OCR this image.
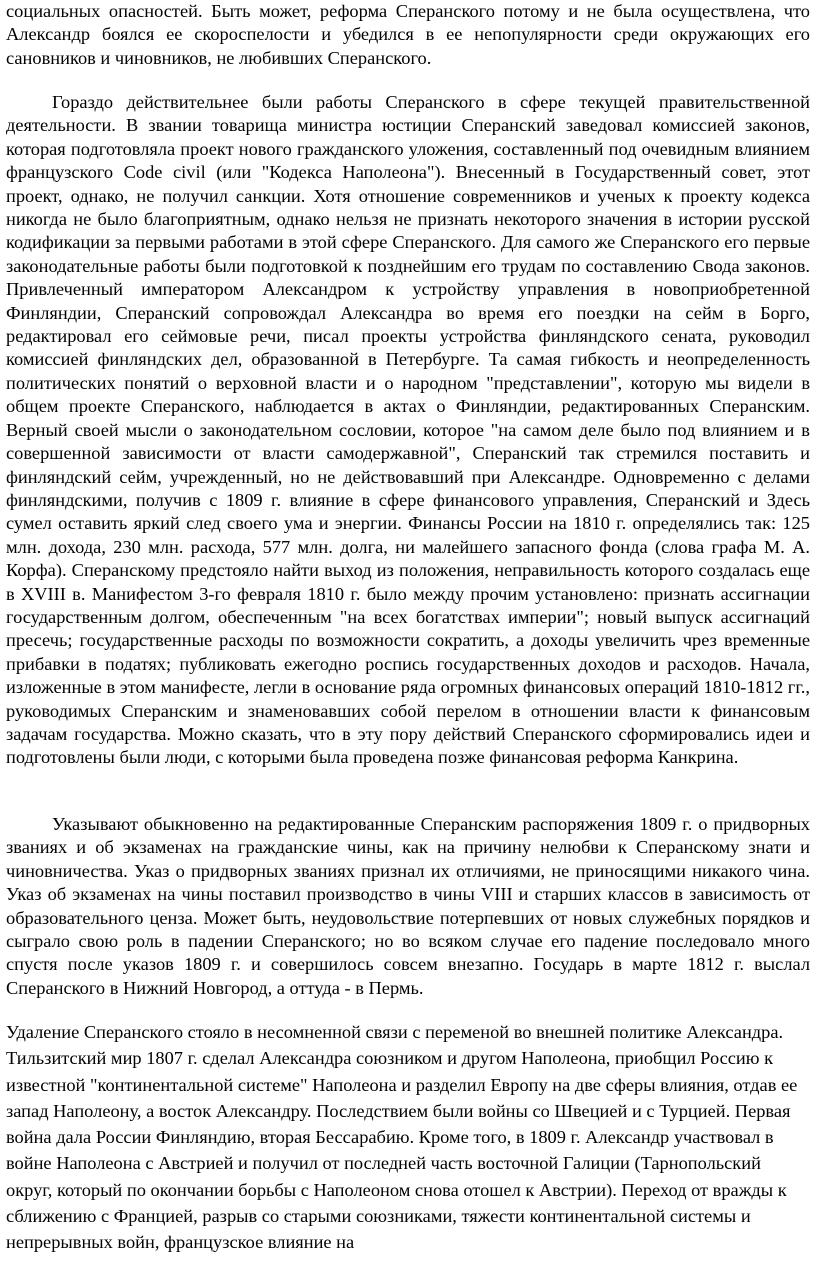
социальных опасностей. Быть может, реформа Сперанского потому и не была осуществлена, что Александр боялся ее скороспелости и убедился в ее непопулярности среди окружающих его сановников и чиновников, не любивших Сперанского.

Гораздо действительнее были работы Сперанского в сфере текущей правительственной деятельности. В звании товарища министра юстиции Сперанский заведовал комиссией законов, которая подготовляла проект нового гражданского уложения, составленный под очевидным влиянием французского Code civil (или "Кодекса Наполеона"). Внесенный в Государственный совет, этот проект, однако, не получил санкции. Хотя отношение современников и ученых к проекту кодекса никогда не было благоприятным, однако нельзя не признать некоторого значения в истории русской кодификации за первыми работами в этой сфере Сперанского. Для самого же Сперанского его первые законодательные работы были подготовкой к позднейшим его трудам по составлению Свода законов. Привлеченный императором Александром к устройству управления в новоприобретенной Финляндии, Сперанский сопровождал Александра во время его поездки на сейм в Борго, редактировал его сеймовые речи, писал проекты устройства финляндского сената, руководил комиссией финляндских дел, образованной в Петербурге. Та самая гибкость и неопределенность политических понятий о верховной власти и о народном "представлении", которую мы видели в общем проекте Сперанского, наблюдается в актах о Финляндии, редактированных Сперанским. Верный своей мысли о законодательном сословии, которое "на самом деле было под влиянием и в совершенной зависимости от власти самодержавной", Сперанский так стремился поставить и финляндский сейм, учрежденный, но не действовавший при Александре. Одновременно с делами финляндскими, получив с 1809 г. влияние в сфере финансового управления, Сперанский и Здесь сумел оставить яркий след своего ума и энергии. Финансы России на 1810 г. определялись так: 125 млн. дохода, 230 млн. расхода, 577 млн. долга, ни малейшего запасного фонда (слова графа М. А. Корфа). Сперанскому предстояло найти выход из положения, неправильность которого создалась еще в XVIII в. Манифестом 3-го февраля 1810 г. было между прочим установлено: признать ассигнации государственным долгом, обеспеченным "на всех богатствах империи"; новый выпуск ассигнаций пресечь; государственные расходы по возможности сократить, а доходы увеличить чрез временные прибавки в податях; публиковать ежегодно роспись государственных доходов и расходов. Начала, изложенные в этом манифесте, легли в основание ряда огромных финансовых операций 1810-1812 гг., руководимых Сперанским и знаменовавших собой перелом в отношении власти к финансовым задачам государства. Можно сказать, что в эту пору действий Сперанского сформировались идеи и подготовлены были люди, с которыми была проведена позже финансовая реформа Канкрина.

Указывают обыкновенно на редактированные Сперанским распоряжения 1809 г. о придворных званиях и об экзаменах на гражданские чины, как на причину нелюбви к Сперанскому знати и чиновничества. Указ о придворных званиях признал их отличиями, не приносящими никакого чина. Указ об экзаменах на чины поставил производство в чины VIII и старших классов в зависимость от образовательного ценза. Может быть, неудовольствие потерпевших от новых служебных порядков и сыграло свою роль в падении Сперанского; но во всяком случае его падение последовало много спустя после указов 1809 г. и совершилось совсем внезапно. Государь в марте 1812 г. выслал Сперанского в Нижний Новгород, а оттуда - в Пермь.

Удаление Сперанского стояло в несомненной связи с переменой во внешней политике Александра. Тильзитский мир 1807 г. сделал Александра союзником и другом Наполеона, приобщил Россию к известной "континентальной системе" Наполеона и разделил Европу на две сферы влияния, отдав ее запад Наполеону, а восток Александру. Последствием были войны со Швецией и с Турцией. Первая война дала России Финляндию, вторая Бессарабию. Кроме того, в 1809 г. Александр участвовал в войне Наполеона с Австрией и получил от последней часть восточной Галиции (Тарнопольский округ, который по окончании борьбы с Наполеоном снова отошел к Австрии). Переход от вражды к сближению с Францией, разрыв со старыми союзниками, тяжести континентальной системы и непрерывных войн, французское влияние на
